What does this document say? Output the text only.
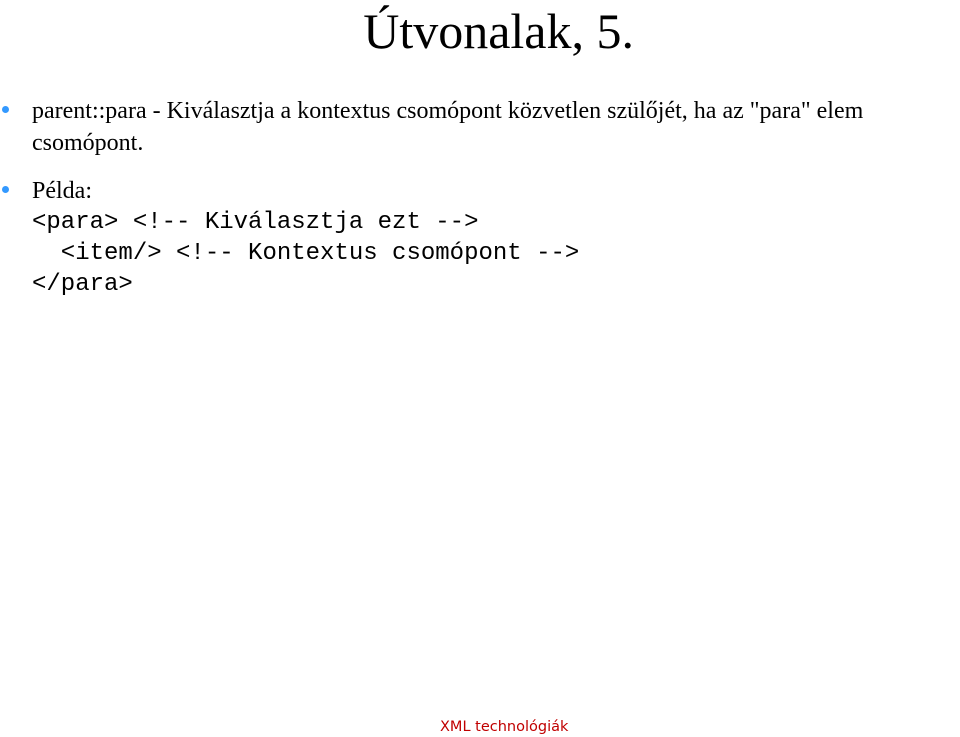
Útvonalak, 5.
parent::para - Kiválasztja a kontextus csomópont közvetlen szülőjét, ha az "para" elem csomópont.
Példa:
<para> <!-- Kiválasztja ezt -->
<item/> <!-- Kontextus csomópont -->
</para>
XML technológiák
